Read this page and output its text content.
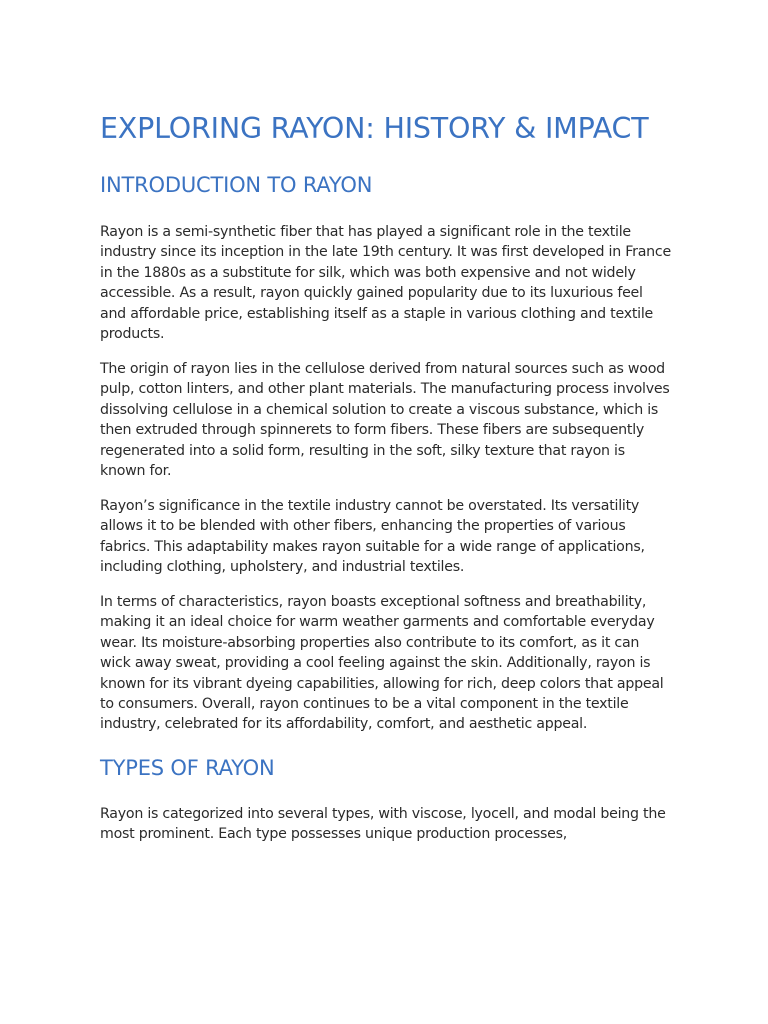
EXPLORING RAYON: HISTORY & IMPACT
INTRODUCTION TO RAYON

Rayon is a semi-synthetic fiber that has played a significant role in the textile industry since its inception in the late 19th century. It was first developed in France in the 1880s as a substitute for silk, which was both expensive and not widely accessible. As a result, rayon quickly gained popularity due to its luxurious feel and affordable price, establishing itself as a staple in various clothing and textile products.

The origin of rayon lies in the cellulose derived from natural sources such as wood pulp, cotton linters, and other plant materials. The manufacturing process involves dissolving cellulose in a chemical solution to create a viscous substance, which is then extruded through spinnerets to form fibers. These fibers are subsequently regenerated into a solid form, resulting in the soft, silky texture that rayon is known for.

Rayon’s significance in the textile industry cannot be overstated. Its versatility allows it to be blended with other fibers, enhancing the properties of various fabrics. This adaptability makes rayon suitable for a wide range of applications, including clothing, upholstery, and industrial textiles.

In terms of characteristics, rayon boasts exceptional softness and breathability, making it an ideal choice for warm weather garments and comfortable everyday wear. Its moisture-absorbing properties also contribute to its comfort, as it can wick away sweat, providing a cool feeling against the skin. Additionally, rayon is known for its vibrant dyeing capabilities, allowing for rich, deep colors that appeal to consumers. Overall, rayon continues to be a vital component in the textile industry, celebrated for its affordability, comfort, and aesthetic appeal.

TYPES OF RAYON

Rayon is categorized into several types, with viscose, lyocell, and modal being the most prominent. Each type possesses unique production processes,
